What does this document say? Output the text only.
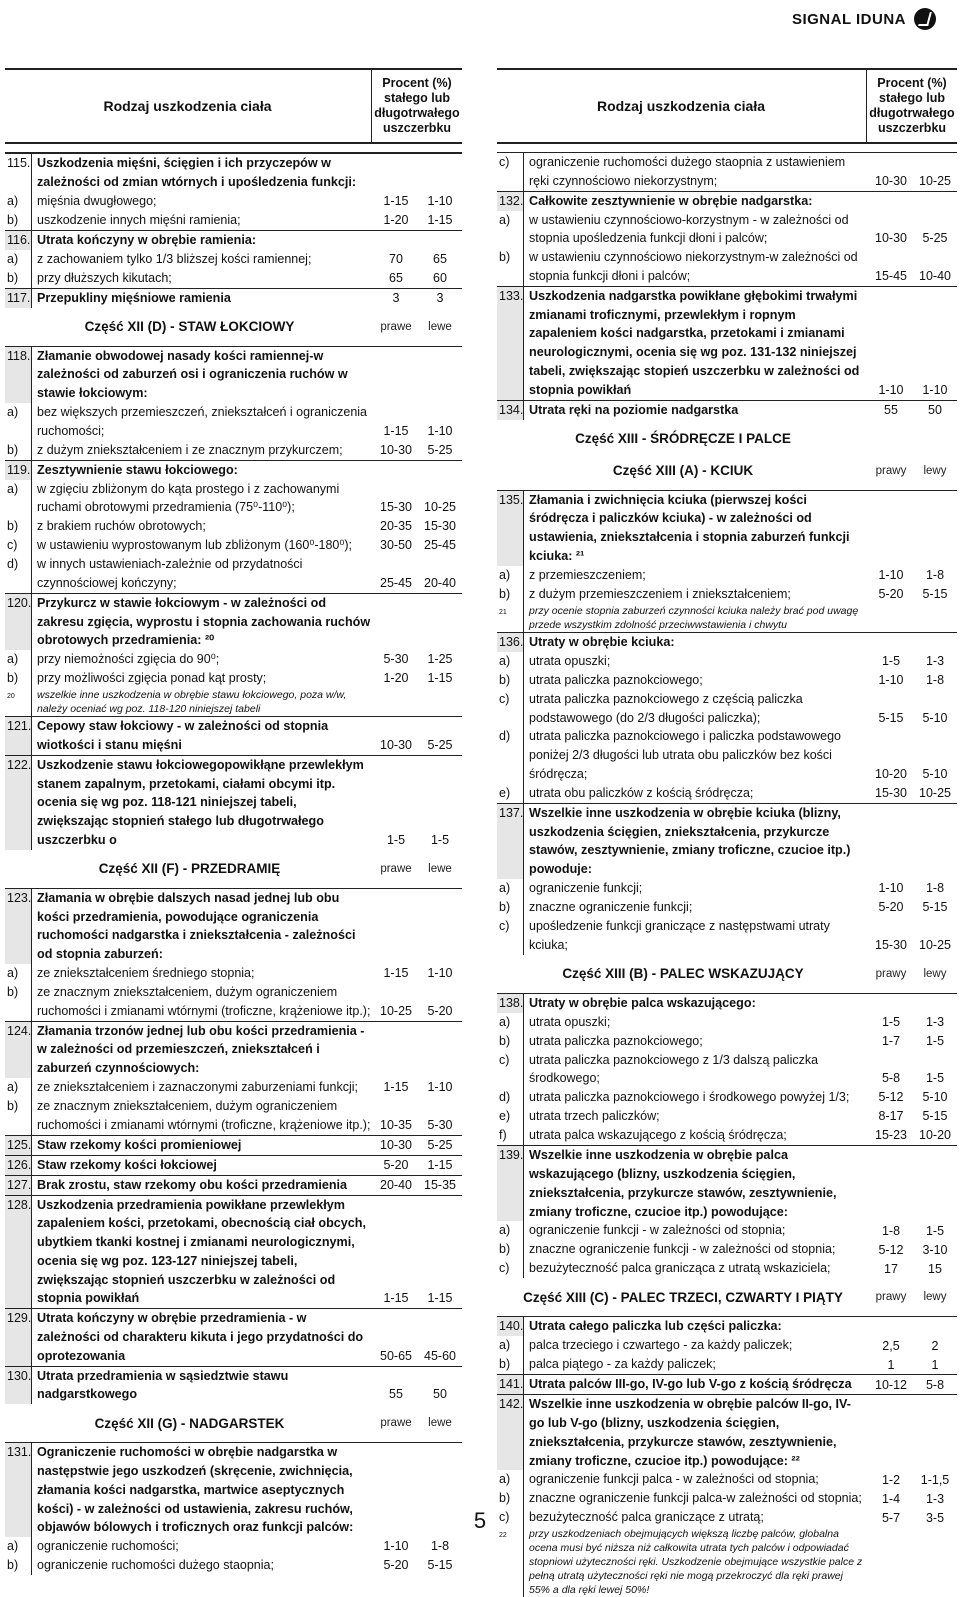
SIGNAL IDUNA
Rodzaj uszkodzenia ciała
Procent (%) stałego lub długotrwałego uszczerbku
115. Uszkodzenia mięśni, ścięgien i ich przyczepów w zależności od zmian wtórnych i upośledzenia funkcji:
a)	mięśnia dwugłowego;	1-15	1-10
b)	uszkodzenie innych mięśni ramienia;	1-20	1-15
116. Utrata kończyny w obrębie ramienia:
a)	z zachowaniem tylko 1/3 bliższej kości ramiennej;	70	65
b)	przy dłuższych kikutach;	65	60
117. Przepukliny mięśniowe ramienia	3	3
Część XII (D) - STAW ŁOKCIOWY	prawe	lewe
118. Złamanie obwodowej nasady kości ramiennej-w zależności od zaburzeń osi i ograniczenia ruchów w stawie łokciowym:
a)	bez większych przemieszczeń, zniekształceń i ograniczenia ruchomości;	1-15	1-10
b)	z dużym zniekształceniem i ze znacznym przykurczem;	10-30	5-25
119. Zesztywnienie stawu łokciowego:
a)	w zgięciu zbliżonym do kąta prostego i z zachowanymi ruchami obrotowymi przedramienia (75⁰-110⁰);	15-30 10-25
b)	z brakiem ruchów obrotowych;	20-35 15-30
c)	w ustawieniu wyprostowanym lub zbliżonym (160⁰-180⁰);	30-50 25-45
d)	w innych ustawieniach-zależnie od przydatności czynnościowej kończyny;	25-45 20-40
120. Przykurcz w stawie łokciowym - w zależności od zakresu zgięcia, wyprostu i stopnia zachowania ruchów obrotowych przedramienia: ²⁰
a)	przy niemożności zgięcia do 90⁰;	5-30	1-25
b)	przy możliwości zgięcia ponad kąt prosty;	1-20	1-15
20	wszelkie inne uszkodzenia w obrębie stawu łokciowego, poza w/w, należy oceniać wg poz. 118-120 niniejszej tabeli
121. Cepowy staw łokciowy - w zależności od stopnia wiotkości i stanu mięśni	10-30	5-25
122. Uszkodzenie stawu łokciowegopowikłąne przewlekłym stanem zapalnym, przetokami, ciałami obcymi itp. ocenia się wg poz. 118-121 niniejszej tabeli, zwiększając stopnień stałego lub długotrwałego uszczerbku o	1-5	1-5
Część XII (F) - PRZEDRAMIĘ	prawe	lewe
123. Złamania w obrębie dalszych nasad jednej lub obu kości przedramienia, powodujące ograniczenia ruchomości nadgarstka i zniekształcenia - zależności od stopnia zaburzeń:
a)	ze zniekształceniem średniego stopnia;	1-15	1-10
b)	ze znacznym zniekształceniem, dużym ograniczeniem ruchomości i zmianami wtórnymi (troficzne, krążeniowe itp.); 10-25	5-20
124. Złamania trzonów jednej lub obu kości przedramienia - w zależności od przemieszczeń, zniekształceń i zaburzeń czynnościowych:
a)	ze zniekształceniem i zaznaczonymi zaburzeniami funkcji;	1-15	1-10
b)	ze znacznym zniekształceniem, dużym ograniczeniem ruchomości i zmianami wtórnymi (troficzne, krążeniowe itp.); 10-35	5-30
125. Staw rzekomy kości promieniowej	10-30	5-25
126. Staw rzekomy kości łokciowej	5-20	1-15
127. Brak zrostu, staw rzekomy obu kości przedramienia	20-40 15-35
128. Uszkodzenia przedramienia powikłane przewlekłym zapaleniem kości, przetokami, obecnością ciał obcych, ubytkiem tkanki kostnej i zmianami neurologicznymi, ocenia się wg poz. 123-127 niniejszej tabeli, zwiększając stopnień uszczerbku w zależności od stopnia powikłań	1-15	1-15
129. Utrata kończyny w obrębie przedramienia - w zależności od charakteru kikuta i jego przydatności do oprotezowania	50-65 45-60
130. Utrata przedramienia w sąsiedztwie stawu nadgarstkowego	55	50
Część XII (G) - NADGARSTEK	prawe	lewe
131. Ograniczenie ruchomości w obrębie nadgarstka w następstwie jego uszkodzeń (skręcenie, zwichnięcia, złamania kości nadgarstka, martwice aseptycznych kości) - w zależności od ustawienia, zakresu ruchów, objawów bólowych i troficznych oraz funkcji palców:
a)	ograniczenie ruchomości;	1-10	1-8
b)	ograniczenie ruchomości dużego staopnia;	5-20	5-15
Rodzaj uszkodzenia ciała
Procent (%) stałego lub długotrwałego uszczerbku
c)	ograniczenie ruchomości dużego staopnia z ustawieniem ręki czynnościowo niekorzystnym;	10-30 10-25
132. Całkowite zesztywnienie w obrębie nadgarstka:
a)	w ustawieniu czynnościowo-korzystnym - w zależności od stopnia upośledzenia funkcji dłoni i palców;	10-30	5-25
b)	w ustawieniu czynnościowo niekorzystnym-w zależności od stopnia funkcji dłoni i palców;	15-45 10-40
133. Uszkodzenia nadgarstka powikłane głębokimi trwałymi zmianami troficznymi, przewlekłym i ropnym zapaleniem kości nadgarstka, przetokami i zmianami neurologicznymi, ocenia się wg poz. 131-132 niniejszej tabeli, zwiększając stopień uszczerbku w zależności od stopnia powikłań	1-10	1-10
134. Utrata ręki na poziomie nadgarstka	55	50
Część XIII - ŚRÓDRĘCZE I PALCE
Część XIII (A) - KCIUK	prawy	lewy
135. Złamania i zwichnięcia kciuka (pierwszej kości śródręcza i paliczków kciuka) - w zależności od ustawienia, zniekształcenia i stopnia zaburzeń funkcji kciuka: ²¹
a)	z przemieszczeniem;	1-10	1-8
b)	z dużym przemieszczeniem i zniekształceniem;	5-20	5-15
21	przy ocenie stopnia zaburzeń czynności kciuka należy brać pod uwagę przede wszystkim zdolność przeciwwstawienia i chwytu
136. Utraty w obrębie kciuka:
a)	utrata opuszki;	1-5	1-3
b)	utrata paliczka paznokciowego;	1-10	1-8
c)	utrata paliczka paznokciowego z częścią paliczka podstawowego (do 2/3 długości paliczka);	5-15	5-10
d)	utrata paliczka paznokciowego i paliczka podstawowego poniżej 2/3 długości lub utrata obu paliczków bez kości śródręcza;	10-20	5-10
e)	utrata obu paliczków z kością śródręcza;	15-30 10-25
137. Wszelkie inne uszkodzenia w obrębie kciuka (blizny, uszkodzenia ścięgien, zniekształcenia, przykurcze stawów, zesztywnienie, zmiany troficzne, czucioe itp.) powoduje:
a)	ograniczenie funkcji;	1-10	1-8
b)	znaczne ograniczenie funkcji;	5-20	5-15
c)	upośledzenie funkcji graniczące z następstwami utraty kciuka;	15-30 10-25
Część XIII (B) - PALEC WSKAZUJĄCY	prawy	lewy
138. Utraty w obrębie palca wskazującego:
a)	utrata opuszki;	1-5	1-3
b)	utrata paliczka paznokciowego;	1-7	1-5
c)	utrata paliczka paznokciowego z 1/3 dalszą paliczka środkowego;	5-8	1-5
d)	utrata paliczka paznokciowego i środkowego powyżej 1/3;	5-12	5-10
e)	utrata trzech paliczków;	8-17	5-15
f)	utrata palca wskazującego z kością śródręcza;	15-23 10-20
139. Wszelkie inne uszkodzenia w obrębie palca wskazującego (blizny, uszkodzenia ścięgien, zniekształcenia, przykurcze stawów, zesztywnienie, zmiany troficzne, czucioe itp.) powodujące:
a)	ograniczenie funkcji - w zależności od stopnia;	1-8	1-5
b)	znaczne ograniczenie funkcji - w zależności od stopnia;	5-12	3-10
c)	bezużyteczność palca granicząca z utratą wskaziciela;	17	15
Część XIII (C) - PALEC TRZECI, CZWARTY I PIĄTY	prawy	lewy
140. Utrata całego paliczka lub części paliczka:
a)	palca trzeciego i czwartego - za każdy paliczek;	2,5	2
b)	palca piątego - za każdy paliczek;	1	1
141. Utrata palców III-go, IV-go lub V-go z kością śródręcza	10-12	5-8
142. Wszelkie inne uszkodzenia w obrębie palców II-go, IV-go lub V-go (blizny, uszkodzenia ścięgien, zniekształcenia, przykurcze stawów, zesztywnienie, zmiany troficzne, czucioe itp.) powodujące: ²²
a)	ograniczenie funkcji palca - w zależności od stopnia;	1-2	1-1,5
b)	znaczne ograniczenie funkcji palca-w zależności od stopnia;	1-4	1-3
c)	bezużyteczność palca graniczące z utratą;	5-7	3-5
22	przy uszkodzeniach obejmujących większą liczbę palców, globalna ocena musi być niższa niż całkowita utrata tych palców i odpowiadać stopniowi użyteczności ręki. Uszkodzenie obejmujące wszystkie palce z pełną utratą użyteczności ręki nie mogą przekroczyć dla ręki prawej 55% a dla ręki lewej 50%!
5
